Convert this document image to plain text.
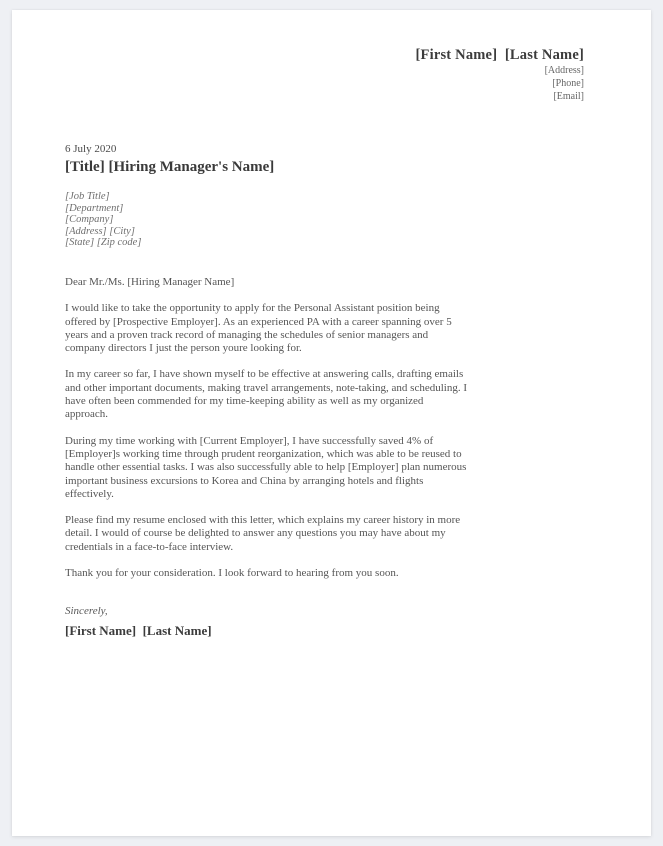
[First Name]  [Last Name]
[Address]
[Phone]
[Email]
6 July 2020
[Title] [Hiring Manager's Name]
[Job Title]
[Department]
[Company]
[Address] [City]
[State] [Zip code]
Dear Mr./Ms. [Hiring Manager Name]

I would like to take the opportunity to apply for the Personal Assistant position being offered by [Prospective Employer]. As an experienced PA with a career spanning over 5 years and a proven track record of managing the schedules of senior managers and company directors I just the person youre looking for.

In my career so far, I have shown myself to be effective at answering calls, drafting emails and other important documents, making travel arrangements, note-taking, and scheduling. I have often been commended for my time-keeping ability as well as my organized approach.

During my time working with [Current Employer], I have successfully saved 4% of [Employer]s working time through prudent reorganization, which was able to be reused to handle other essential tasks. I was also successfully able to help [Employer] plan numerous important business excursions to Korea and China by arranging hotels and flights effectively.

Please find my resume enclosed with this letter, which explains my career history in more detail. I would of course be delighted to answer any questions you may have about my credentials in a face-to-face interview.

Thank you for your consideration. I look forward to hearing from you soon.

Sincerely,
[First Name]  [Last Name]
